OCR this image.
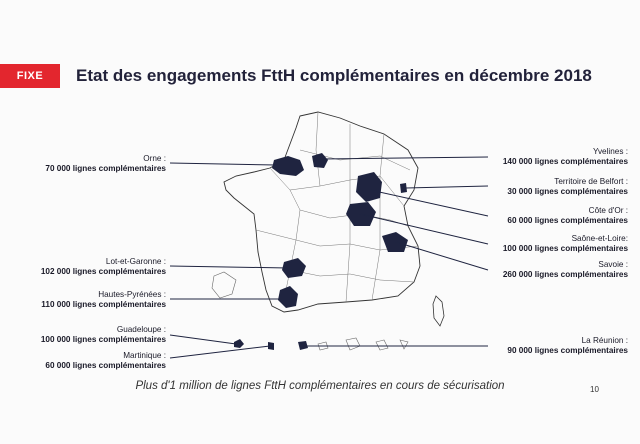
FIXE	Etat des engagements FttH complémentaires en décembre 2018
Orne :
70 000 lignes complémentaires
Lot-et-Garonne :
102 000 lignes complémentaires
Hautes-Pyrénées :
110 000 lignes complémentaires
Guadeloupe :
100 000 lignes complémentaires
Martinique :
60 000 lignes complémentaires
Yvelines :
140 000 lignes complémentaires
Territoire de Belfort :
30 000 lignes complémentaires
Côte d'Or :
60 000 lignes complémentaires
Saône-et-Loire:
100 000 lignes complémentaires
Savoie :
260 000 lignes complémentaires
La Réunion :
90 000 lignes complémentaires
Plus d'1 million de lignes FttH complémentaires en cours de sécurisation	10
